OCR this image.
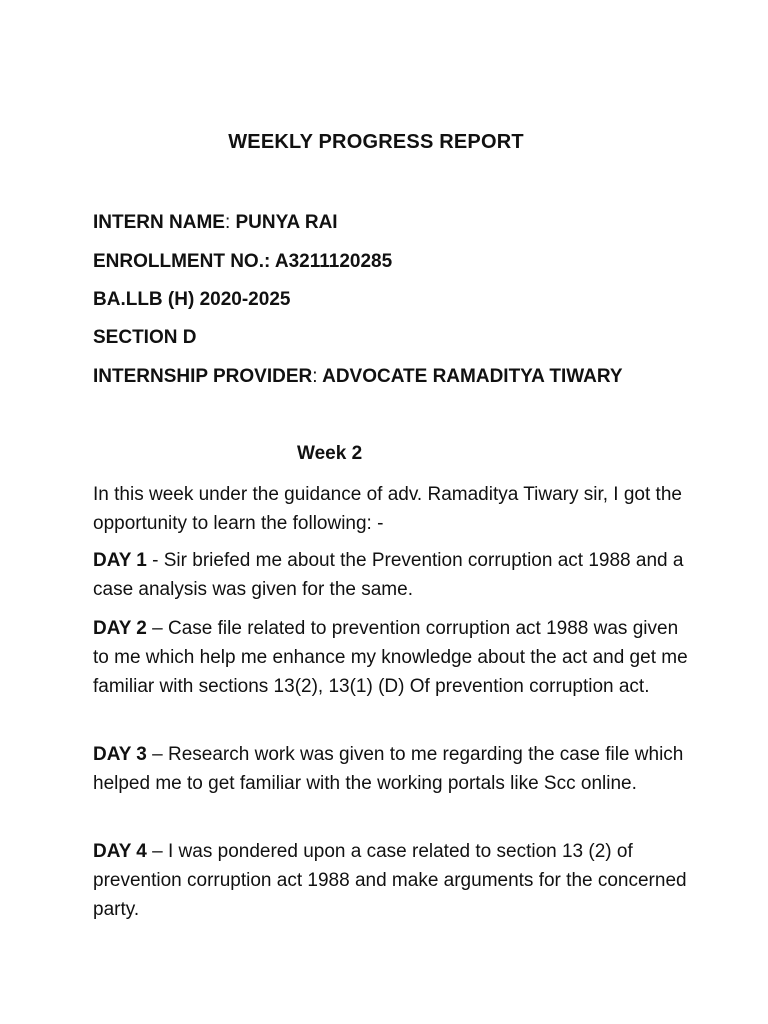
WEEKLY PROGRESS REPORT
INTERN NAME: PUNYA RAI
ENROLLMENT NO.: A3211120285
BA.LLB (H) 2020-2025
SECTION D
INTERNSHIP PROVIDER: ADVOCATE RAMADITYA TIWARY
Week 2
In this week under the guidance of adv. Ramaditya Tiwary sir, I got the opportunity to learn the following: -
DAY 1 - Sir briefed me about the Prevention corruption act 1988 and a case analysis was given for the same.
DAY 2 – Case file related to prevention corruption act 1988 was given to me which help me enhance my knowledge about the act and get me familiar with sections 13(2), 13(1) (D) Of prevention corruption act.
DAY 3 – Research work was given to me regarding the case file which helped me to get familiar with the working portals like Scc online.
DAY 4 – I was pondered upon a case related to section 13 (2) of prevention corruption act 1988 and make arguments for the concerned party.
